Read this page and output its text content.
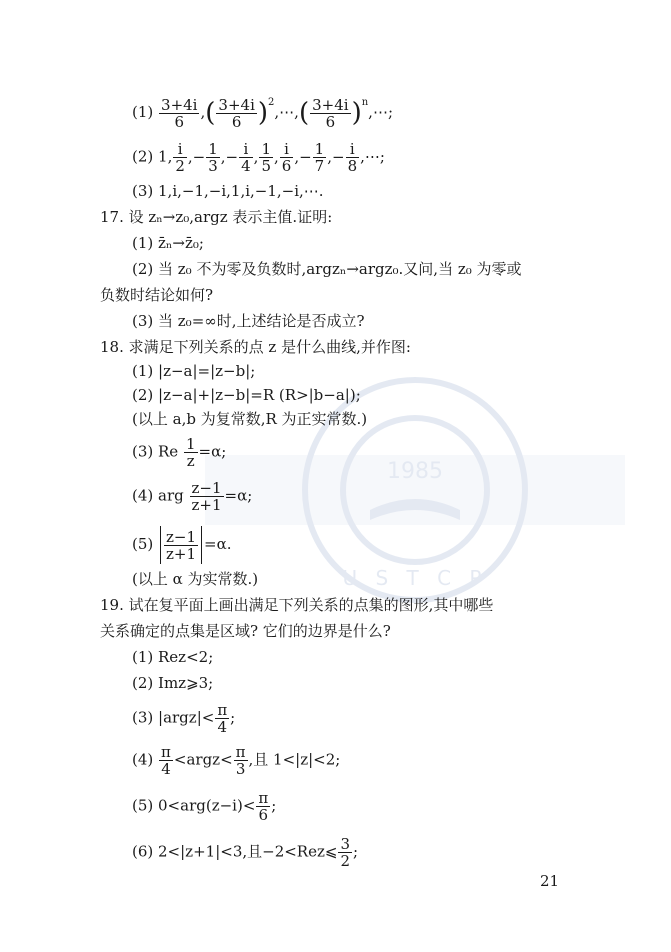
1985
U S T C P
$(1) \frac{3+4i}{6}$ ,( $\frac{3+4i}{6}$ )$^2$,⋯,( $\frac{3+4i}{6}$ )$^n$,⋯;
(2) 1, $\frac{i}{2}$ ,− $\frac{1}{3}$ ,− $\frac{i}{4}$ , $\frac{1}{5}$ , $\frac{i}{6}$ ,− $\frac{1}{7}$ ,− $\frac{i}{8}$ ,⋯;
(3) 1,i,−1,−i,1,i,−1,−i,⋯.
17. 设 zₙ→z₀,argz 表示主值.证明:
(1) z̄ₙ→z̄₀;
(2) 当 z₀ 不为零及负数时,argzₙ→argz₀.又问,当 z₀ 为零或
负数时结论如何?
(3) 当 z₀=∞时,上述结论是否成立?
18. 求满足下列关系的点 z 是什么曲线,并作图:
(1) |z−a|=|z−b|;
(2) |z−a|+|z−b|=R (R>|b−a|);
(以上 a,b 为复常数,R 为正实常数.)
(3) Re $\frac{1}{z} =\alpha$;
(4) arg $\frac{z-1}{z+1} =\alpha$;
$(5) \frac{z-1}{z+1} =\alpha$.
(以上 α 为实常数.)
19. 试在复平面上画出满足下列关系的点集的图形,其中哪些
关系确定的点集是区域? 它们的边界是什么?
(1) Rez<2;
(2) Imz⩾3;
(3) |argz|< $\frac{\pi}{4}$ ;
$(4) \frac{\pi}{4}$ <argz< $\frac{\pi}{3}$ ,且 1<|z|<2;
(5) $0<arg(z-i)< \frac{\pi}{6}$ ;
(6) 2<|z+1|<3,且−2<Rez⩽ $\frac{3}{2}$ ;
21
